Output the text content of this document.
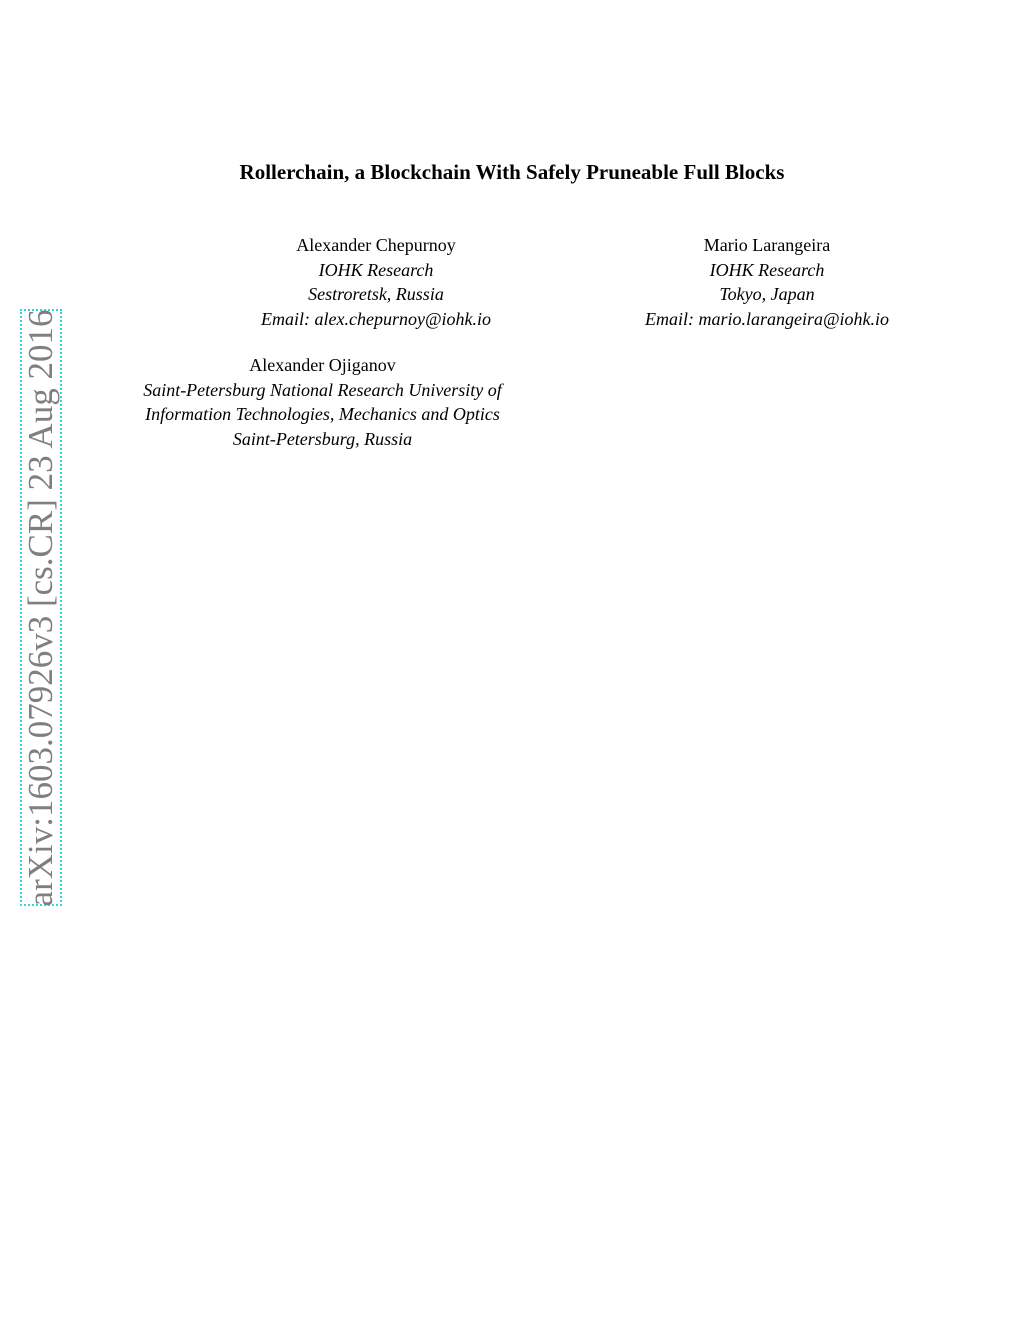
arXiv:1603.07926v3 [cs.CR] 23 Aug 2016
Rollerchain, a Blockchain With Safely Pruneable Full Blocks
Alexander Chepurnoy
IOHK Research
Sestroretsk, Russia
Email: alex.chepurnoy@iohk.io
Mario Larangeira
IOHK Research
Tokyo, Japan
Email: mario.larangeira@iohk.io
Alexander Ojiganov
Saint-Petersburg National Research University of
Information Technologies, Mechanics and Optics
Saint-Petersburg, Russia
